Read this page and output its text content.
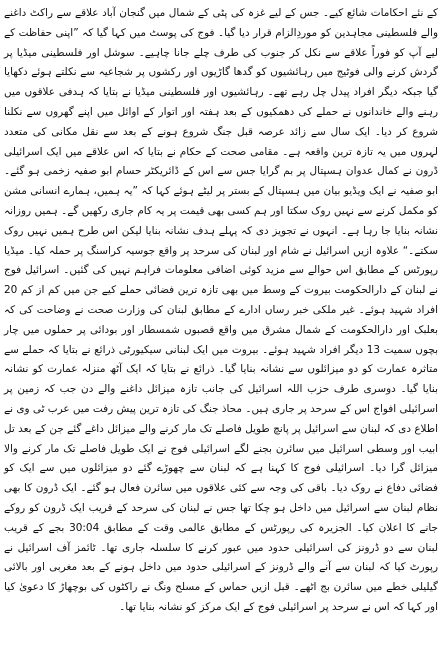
کے نئے احکامات شائع کیے۔ جس کے لیے غزہ کی پٹی کے شمال میں گنجان آباد علاقے سے راکٹ داغنے والے فلسطینی مجاہدین کو موردِالزام قرار دیا گیا۔ فوج کی پوسٹ میں کہا گیا کہ ”اپنی حفاظت کے لیے آپ کو فوراً علاقے سے نکل کر جنوب کی طرف چلے جانا چاہیے۔ سوشل اور فلسطینی میڈیا پر گردش کرنے والی فوٹیج میں رہائشیوں کو گدھا گاڑیوں اور رکشوں پر شجاعیہ سے نکلتے ہوئے دکھایا گیا جبکہ دیگر افراد پیدل چل رہے تھے۔ رہائشیوں اور فلسطینی میڈیا نے بتایا کہ ہدفی علاقوں میں رہنے والے خاندانوں نے حملے کی دھمکیوں کے بعد ہفتہ اور اتوار کے اوائل میں اپنے گھروں سے نکلنا شروع کر دیا۔ ایک سال سے زائد عرصہ قبل جنگ شروع ہونے کے بعد سے نقل مکانی کی متعدد لہروں میں یہ تازہ ترین واقعہ ہے۔ مقامی صحت کے حکام نے بتایا کہ اس علاقے میں ایک اسرائیلی ڈرون نے کمال عدوان ہسپتال پر بم گرایا جس سے اس کے ڈائریکٹر حسام ابو صفیہ زخمی ہو گئے۔ ابو صفیہ نے ایک ویڈیو بیان میں ہسپتال کے بستر پر لیٹے ہوئے کہا کہ ”یہ ہمیں، ہمارے انسانی مشن کو مکمل کرنے سے نہیں روک سکتا اور ہم کسی بھی قیمت پر یہ کام جاری رکھیں گے۔ ہمیں روزانہ نشانہ بنایا جا رہا ہے۔ انہوں نے تجویز دی کہ پہلے ہدف نشانہ بنایا لیکن اس طرح ہمیں نہیں روک سکتے۔“ علاوہ ازیں اسرائیل نے شام اور لبنان کی سرحد پر واقع جوسیہ کراسنگ پر حملہ کیا۔ میڈیا رپورٹس کے مطابق اس حوالے سے مزید کوئی اضافی معلومات فراہم نہیں کی گئیں۔ اسرائیل فوج نے لبنان کے دارالحکومت بیروت کے وسط میں بھی تازہ ترین فضائی حملے کیے جن میں کم از کم 20 افراد شہید ہوئے۔ غیر ملکی خبر رساں ادارے کے مطابق لبنان کی وزارت صحت نے وضاحت کی کہ بعلبک اور دارالحکومت کے شمال مشرق میں واقع قصبوں شمسطار اور بودائی پر حملوں میں چار بچوں سمیت 13 دیگر افراد شہید ہوئے۔ بیروت میں ایک لبنانی سیکیورٹی ذرائع نے بتایا کہ حملے سے متاثرہ عمارت کو دو میزائلوں سے نشانہ بنایا گیا۔ ذرائع نے بتایا کہ ایک آٹھ منزلہ عمارت کو نشانہ بنایا گیا۔ دوسری طرف حزب اللہ اسرائیل کی جانب تازہ میزائل داغنے والے دن جب کہ زمین پر اسرائیلی افواج اس کے سرحد پر جاری ہیں۔ محاذ جنگ کی تازہ ترین پیش رفت میں عرب ٹی وی نے اطلاع دی کہ لبنان سے اسرائیل پر پانچ طویل فاصلے تک مار کرنے والے میزائل داغے گئے جن کے بعد تل ابیب اور وسطی اسرائیل میں سائرن بجنے لگے اسرائیلی فوج نے ایک طویل فاصلے تک مار کرنے والا میزائل گرا دیا۔ اسرائیلی فوج کا کہنا ہے کہ لبنان سے چھوڑے گئے دو میزائلوں میں سے ایک کو فضائی دفاع نے روک دیا۔ باقی کی وجہ سے کئی علاقوں میں سائرن فعال ہو گئے۔ ایک ڈرون کا بھی نظام لبنان سے اسرائیل میں داخل ہو چکا تھا جس نے لبنان کی سرحد کے قریب ایک ڈرون کو روکے جانے کا اعلان کیا۔ الجزیرہ کی رپورٹس کے مطابق عالمی وقت کے مطابق 30:04 بجے کے قریب لبنان سے دو ڈرونز کی اسرائیلی حدود میں عبور کرنے کا سلسلہ جاری تھا۔ ٹائمز آف اسرائیل نے رپورٹ کیا کہ لبنان سے آنے والے ڈرونز کے اسرائیلی حدود میں داخل ہونے کے بعد مغربی اور بالائی گیلیلی خطے میں سائرن بج اٹھے۔ قبل ازیں حماس کے مسلح ونگ نے راکٹوں کی بوچھاڑ کا دعویٰ کیا اور کہا کہ اس نے سرحد پر اسرائیلی فوج کے ایک مرکز کو نشانہ بنایا تھا۔
